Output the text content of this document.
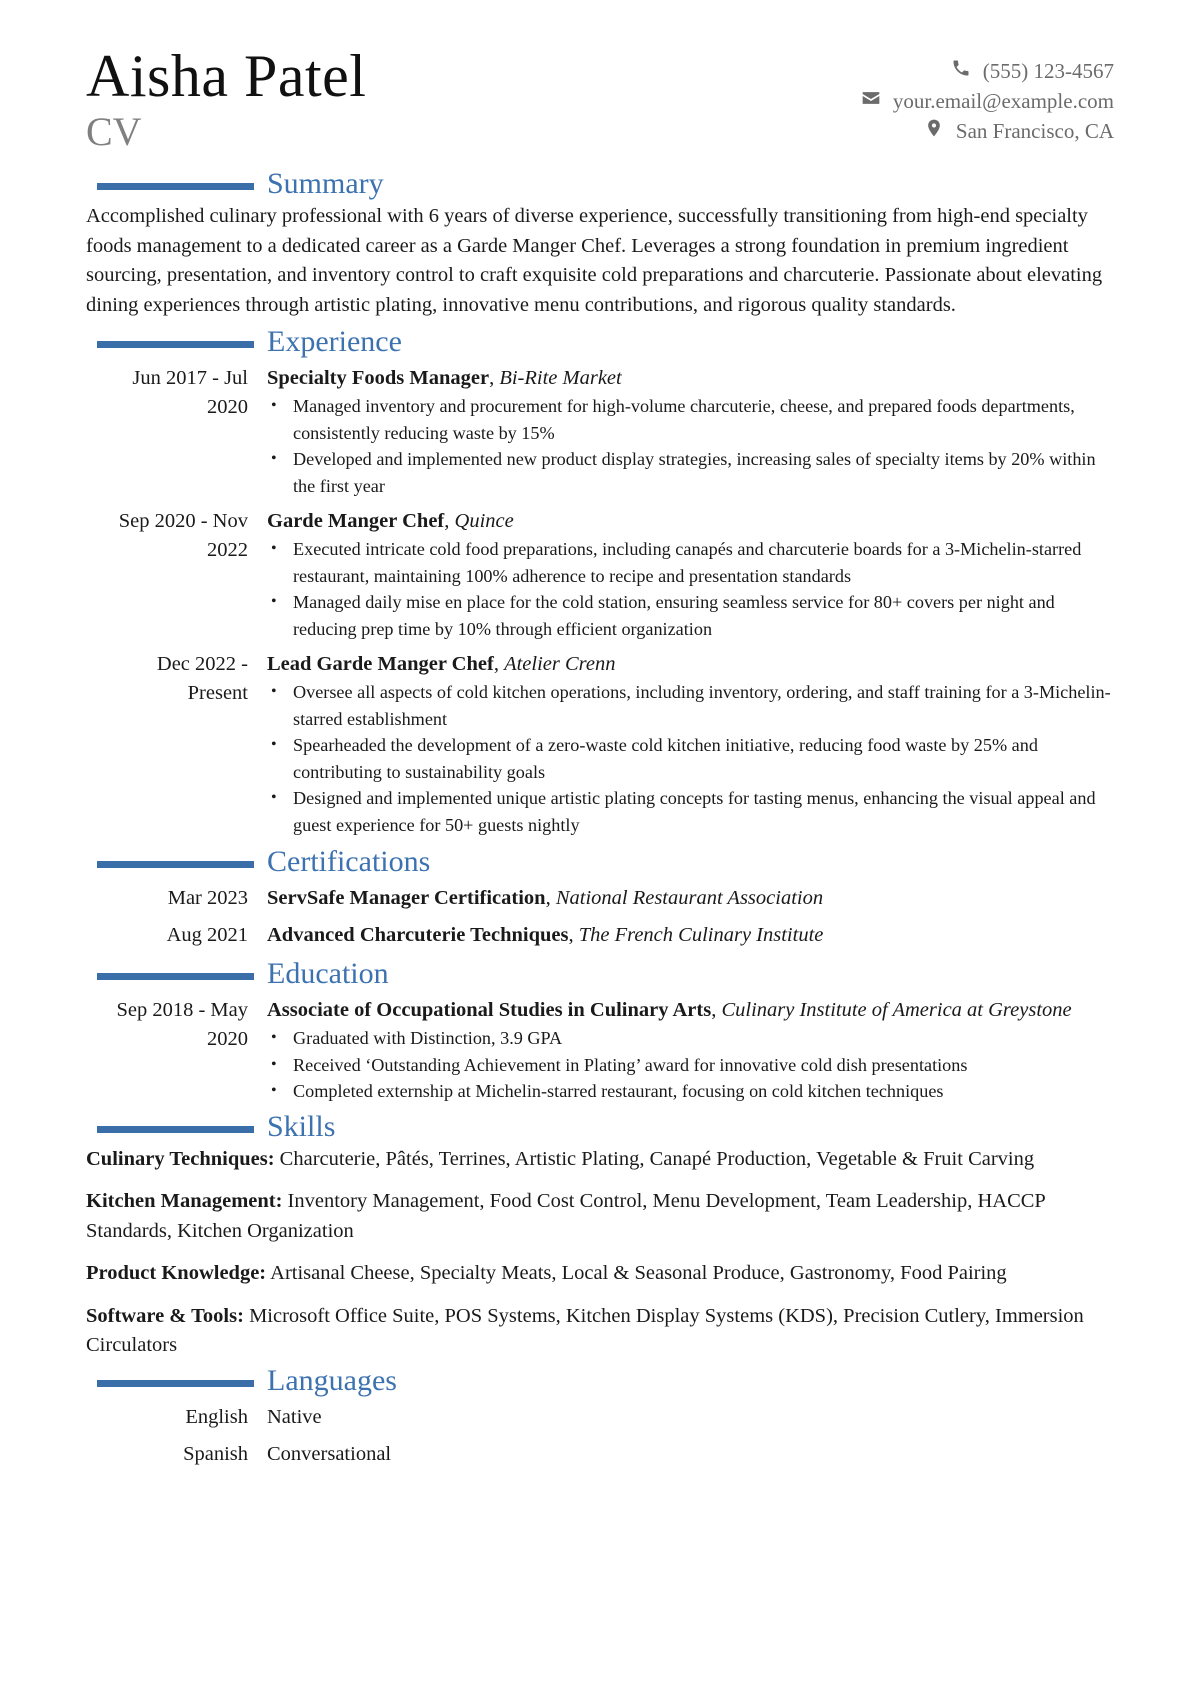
Aisha Patel
CV
(555) 123-4567
your.email@example.com
San Francisco, CA
Summary

Accomplished culinary professional with 6 years of diverse experience, successfully transitioning from high-end specialty foods management to a dedicated career as a Garde Manger Chef. Leverages a strong foundation in premium ingredient sourcing, presentation, and inventory control to craft exquisite cold preparations and charcuterie. Passionate about elevating dining experiences through artistic plating, innovative menu contributions, and rigorous quality standards.

Experience
Jun 2017 - Jul
2020
Specialty Foods Manager, Bi-Rite Market
• Managed inventory and procurement for high-volume charcuterie, cheese, and prepared foods departments, consistently reducing waste by 15%
• Developed and implemented new product display strategies, increasing sales of specialty items by 20% within the first year
Sep 2020 - Nov
2022
Garde Manger Chef, Quince
• Executed intricate cold food preparations, including canapés and charcuterie boards for a 3-Michelin-starred restaurant, maintaining 100% adherence to recipe and presentation standards
• Managed daily mise en place for the cold station, ensuring seamless service for 80+ covers per night and reducing prep time by 10% through efficient organization
Dec 2022 -
Present
Lead Garde Manger Chef, Atelier Crenn
• Oversee all aspects of cold kitchen operations, including inventory, ordering, and staff training for a 3-Michelin-starred establishment
• Spearheaded the development of a zero-waste cold kitchen initiative, reducing food waste by 25% and contributing to sustainability goals
• Designed and implemented unique artistic plating concepts for tasting menus, enhancing the visual appeal and guest experience for 50+ guests nightly
Certifications
Mar 2023 ServSafe Manager Certification, National Restaurant Association
Aug 2021 Advanced Charcuterie Techniques, The French Culinary Institute
Education
Sep 2018 - May
2020
Associate of Occupational Studies in Culinary Arts, Culinary Institute of America at Greystone
• Graduated with Distinction, 3.9 GPA
• Received ‘Outstanding Achievement in Plating’ award for innovative cold dish presentations
• Completed externship at Michelin-starred restaurant, focusing on cold kitchen techniques
Skills

Culinary Techniques: Charcuterie, Pâtés, Terrines, Artistic Plating, Canapé Production, Vegetable & Fruit Carving

Kitchen Management: Inventory Management, Food Cost Control, Menu Development, Team Leadership, HACCP Standards, Kitchen Organization

Product Knowledge: Artisanal Cheese, Specialty Meats, Local & Seasonal Produce, Gastronomy, Food Pairing

Software & Tools: Microsoft Office Suite, POS Systems, Kitchen Display Systems (KDS), Precision Cutlery, Immersion Circulators

Languages
English Native
Spanish Conversational
